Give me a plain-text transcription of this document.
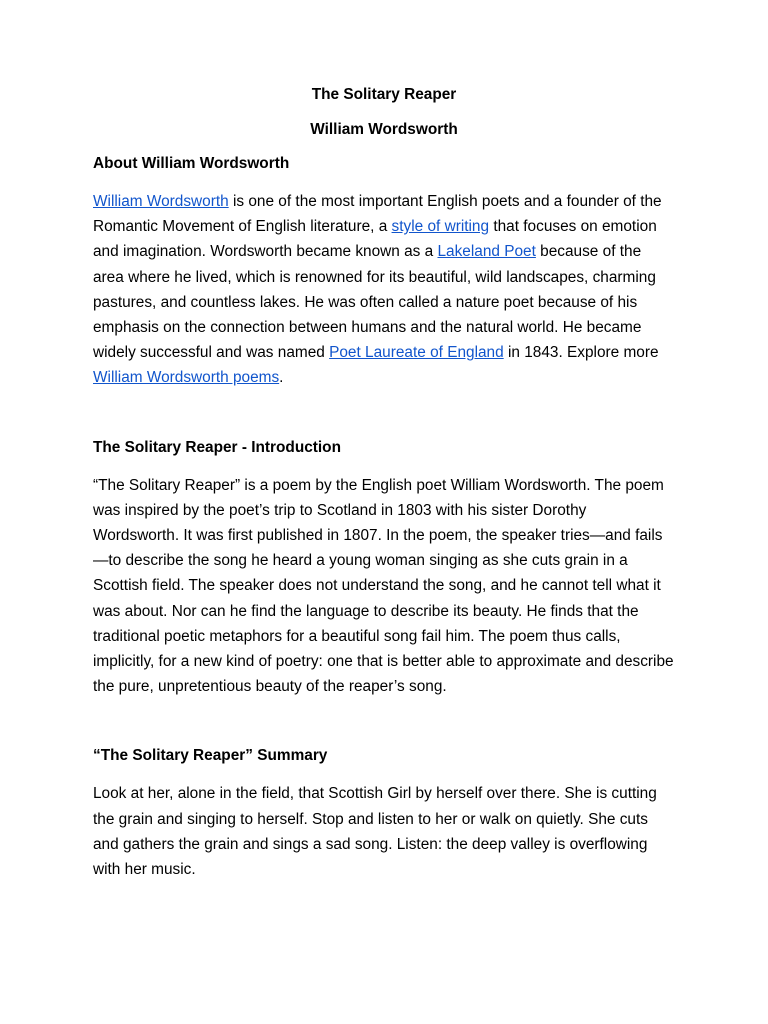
The Solitary Reaper
William Wordsworth
About William Wordsworth

William Wordsworth is one of the most important English poets and a founder of the Romantic Movement of English literature, a style of writing that focuses on emotion and imagination. Wordsworth became known as a Lakeland Poet because of the area where he lived, which is renowned for its beautiful, wild landscapes, charming pastures, and countless lakes. He was often called a nature poet because of his emphasis on the connection between humans and the natural world. He became widely successful and was named Poet Laureate of England in 1843. Explore more William Wordsworth poems.

The Solitary Reaper - Introduction

“The Solitary Reaper” is a poem by the English poet William Wordsworth. The poem was inspired by the poet’s trip to Scotland in 1803 with his sister Dorothy Wordsworth. It was first published in 1807. In the poem, the speaker tries—and fails—to describe the song he heard a young woman singing as she cuts grain in a Scottish field. The speaker does not understand the song, and he cannot tell what it was about. Nor can he find the language to describe its beauty. He finds that the traditional poetic metaphors for a beautiful song fail him. The poem thus calls, implicitly, for a new kind of poetry: one that is better able to approximate and describe the pure, unpretentious beauty of the reaper’s song.

“The Solitary Reaper” Summary

Look at her, alone in the field, that Scottish Girl by herself over there. She is cutting the grain and singing to herself. Stop and listen to her or walk on quietly. She cuts and gathers the grain and sings a sad song. Listen: the deep valley is overflowing with her music.
